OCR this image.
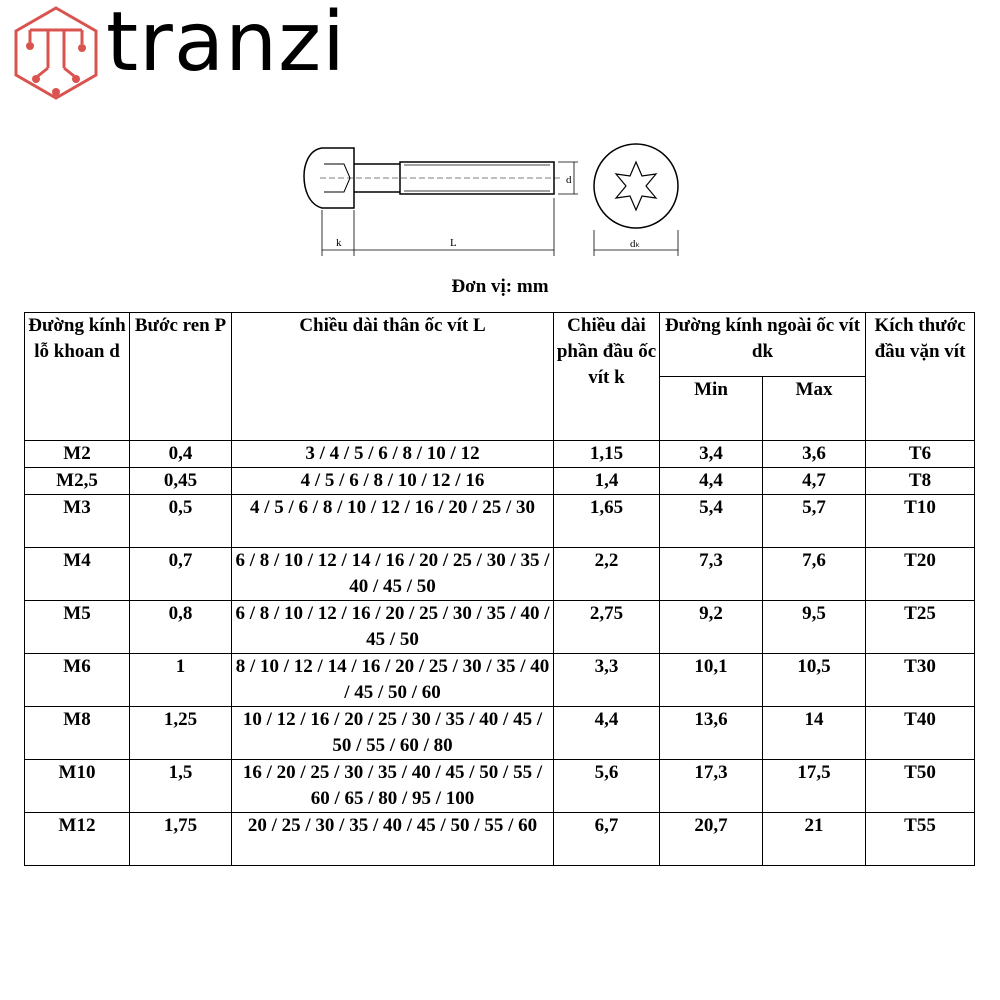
tranzi
k	L
d
dₖ
Đơn vị: mm
Đường kính lỗ khoan d	Bước ren P	Chiều dài thân ốc vít L	Chiều dài phần đầu ốc vít k	Đường kính ngoài ốc vít dk		Kích thước đầu vặn vít
				Min	Max	
M2	0,4	3 / 4 / 5 / 6 / 8 / 10 / 12	1,15	3,4	3,6	T6
M2,5	0,45	4 / 5 / 6 / 8 / 10 / 12 / 16	1,4	4,4	4,7	T8
M3	0,5	4 / 5 / 6 / 8 / 10 / 12 / 16 / 20 / 25 / 30	1,65	5,4	5,7	T10
M4	0,7	6 / 8 / 10 / 12 / 14 / 16 / 20 / 25 / 30 / 35 / 40 / 45 / 50	2,2	7,3	7,6	T20
M5	0,8	6 / 8 / 10 / 12 / 16 / 20 / 25 / 30 / 35 / 40 / 45 / 50	2,75	9,2	9,5	T25
M6	1	8 / 10 / 12 / 14 / 16 / 20 / 25 / 30 / 35 / 40 / 45 / 50 / 60	3,3	10,1	10,5	T30
M8	1,25	10 / 12 / 16 / 20 / 25 / 30 / 35 / 40 / 45 / 50 / 55 / 60 / 80	4,4	13,6	14	T40
M10	1,5	16 / 20 / 25 / 30 / 35 / 40 / 45 / 50 / 55 / 60 / 65 / 80 / 95 / 100	5,6	17,3	17,5	T50
M12	1,75	20 / 25 / 30 / 35 / 40 / 45 / 50 / 55 / 60	6,7	20,7	21	T55
